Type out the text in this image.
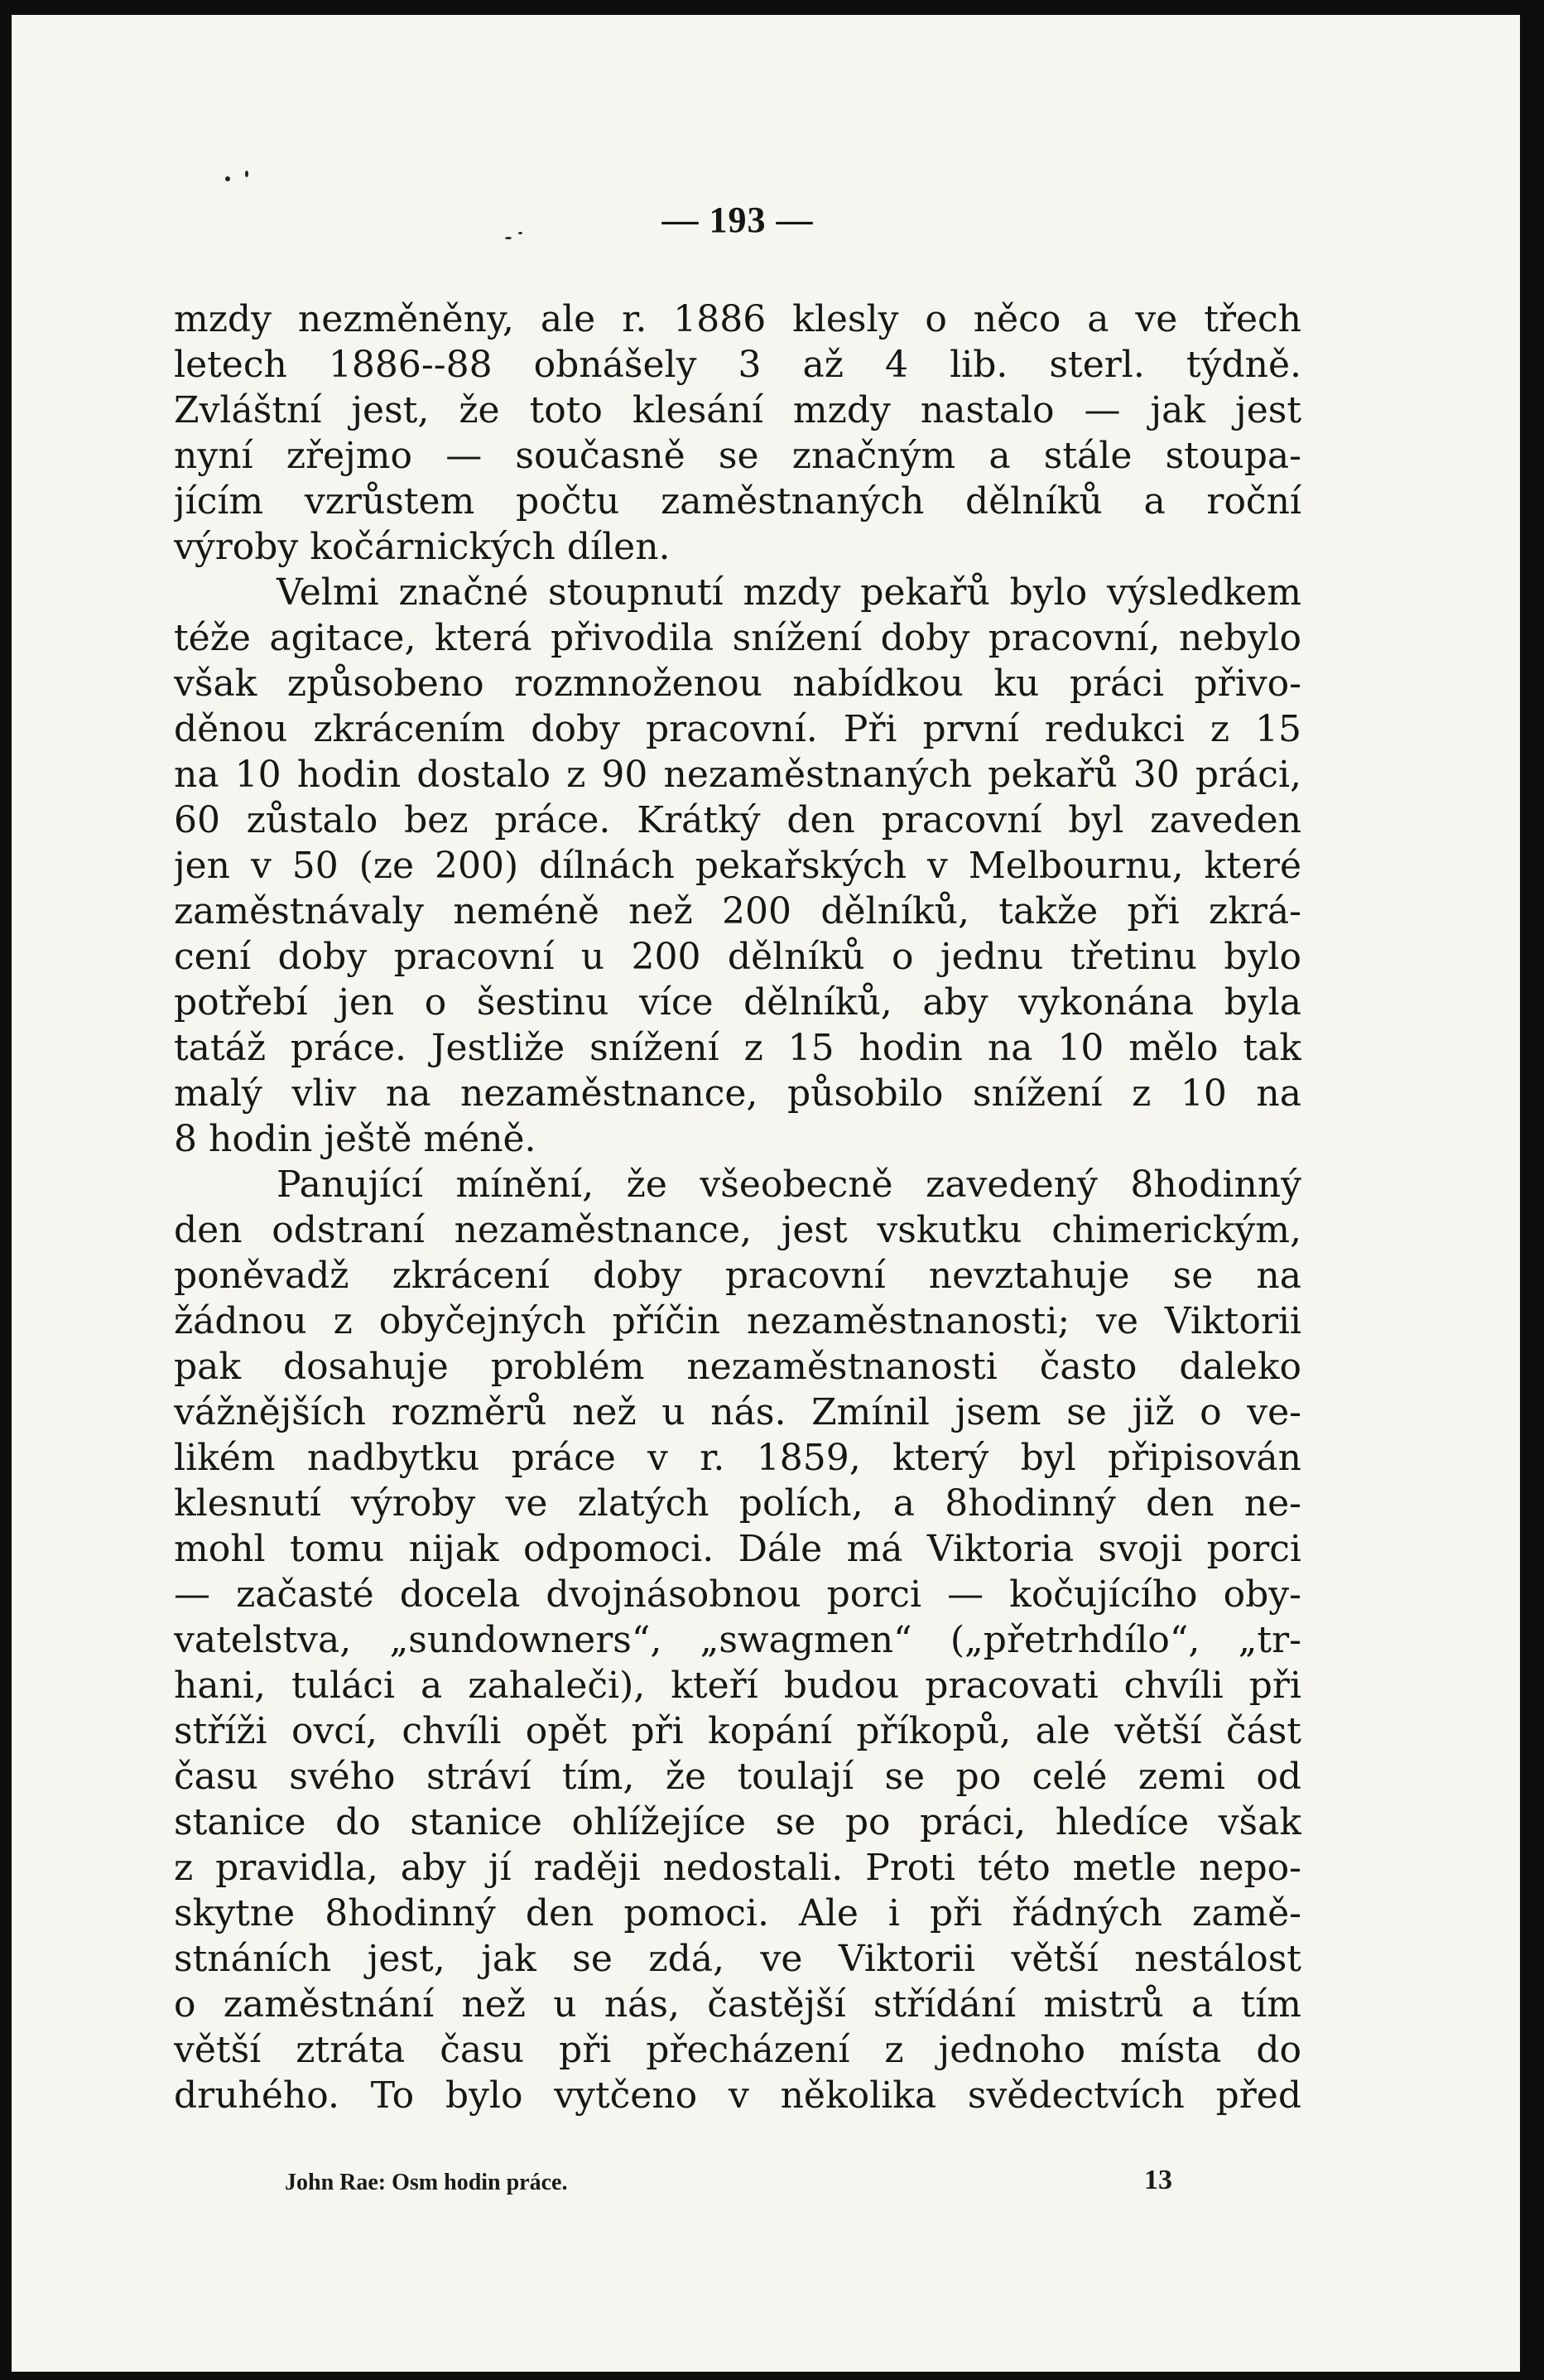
— 193 —
mzdy nezměněny, ale r. 1886 klesly o něco a ve třech
letech 1886--88 obnášely 3 až 4 lib. sterl. týdně.
Zvláštní jest, že toto klesání mzdy nastalo — jak jest
nyní zřejmo — současně se značným a stále stoupa-
jícím vzrůstem počtu zaměstnaných dělníků a roční
výroby kočárnických dílen.
Velmi značné stoupnutí mzdy pekařů bylo výsledkem
téže agitace, která přivodila snížení doby pracovní, nebylo
však způsobeno rozmnoženou nabídkou ku práci přivo-
děnou zkrácením doby pracovní. Při první redukci z 15
na 10 hodin dostalo z 90 nezaměstnaných pekařů 30 práci,
60 zůstalo bez práce. Krátký den pracovní byl zaveden
jen v 50 (ze 200) dílnách pekařských v Melbournu, které
zaměstnávaly neméně než 200 dělníků, takže při zkrá-
cení doby pracovní u 200 dělníků o jednu třetinu bylo
potřebí jen o šestinu více dělníků, aby vykonána byla
tatáž práce. Jestliže snížení z 15 hodin na 10 mělo tak
malý vliv na nezaměstnance, působilo snížení z 10 na
8 hodin ještě méně.
Panující mínění, že všeobecně zavedený 8hodinný
den odstraní nezaměstnance, jest vskutku chimerickým,
poněvadž zkrácení doby pracovní nevztahuje se na
žádnou z obyčejných příčin nezaměstnanosti; ve Viktorii
pak dosahuje problém nezaměstnanosti často daleko
vážnějších rozměrů než u nás. Zmínil jsem se již o ve-
likém nadbytku práce v r. 1859, který byl připisován
klesnutí výroby ve zlatých polích, a 8hodinný den ne-
mohl tomu nijak odpomoci. Dále má Viktoria svoji porci
— začasté docela dvojnásobnou porci — kočujícího oby-
vatelstva, „sundowners“, „swagmen“ („přetrhdílo“, „tr-
hani, tuláci a zahaleči), kteří budou pracovati chvíli při
stříži ovcí, chvíli opět při kopání příkopů, ale větší část
času svého stráví tím, že toulají se po celé zemi od
stanice do stanice ohlížejíce se po práci, hledíce však
z pravidla, aby jí raději nedostali. Proti této metle nepo-
skytne 8hodinný den pomoci. Ale i při řádných zamě-
stnáních jest, jak se zdá, ve Viktorii větší nestálost
o zaměstnání než u nás, častější střídání mistrů a tím
větší ztráta času při přecházení z jednoho místa do
druhého. To bylo vytčeno v několika svědectvích před
John Rae: Osm hodin práce.	13
